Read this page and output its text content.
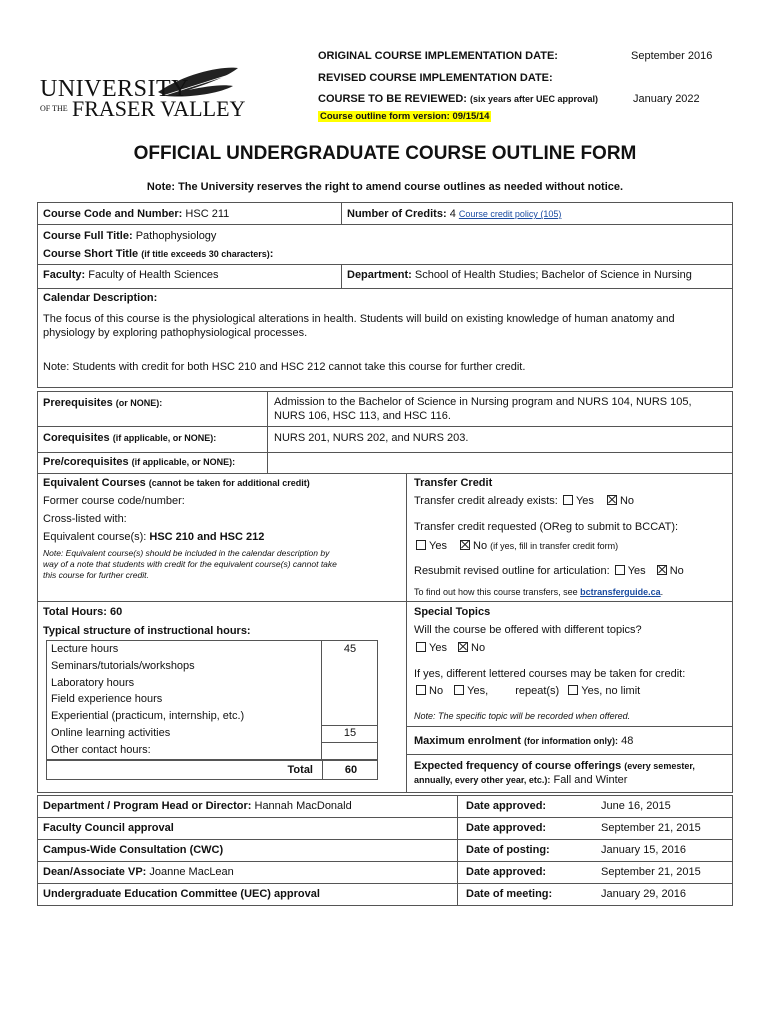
UNIVERSITY
OF THE FRASER VALLEY
ORIGINAL COURSE IMPLEMENTATION DATE:	September 2016
REVISED COURSE IMPLEMENTATION DATE:
COURSE TO BE REVIEWED: (six years after UEC approval)	January 2022
Course outline form version: 09/15/14
OFFICIAL UNDERGRADUATE COURSE OUTLINE FORM
Note: The University reserves the right to amend course outlines as needed without notice.
Course Code and Number: HSC 211	Number of Credits: 4 Course credit policy (105)
Course Full Title: Pathophysiology
Course Short Title (if title exceeds 30 characters):
Faculty: Faculty of Health Sciences	Department: School of Health Studies; Bachelor of Science in Nursing
Calendar Description:
The focus of this course is the physiological alterations in health. Students will build on existing knowledge of human anatomy and
physiology by exploring pathophysiological processes.
Note: Students with credit for both HSC 210 and HSC 212 cannot take this course for further credit.
Prerequisites (or NONE):	Admission to the Bachelor of Science in Nursing program and NURS 104, NURS 105,
NURS 106, HSC 113, and HSC 116.
Corequisites (if applicable, or NONE):	NURS 201, NURS 202, and NURS 203.
Pre/corequisites (if applicable, or NONE):
Equivalent Courses (cannot be taken for additional credit)
Former course code/number:
Cross-listed with:
Equivalent course(s): HSC 210 and HSC 212
Note: Equivalent course(s) should be included in the calendar description by
way of a note that students with credit for the equivalent course(s) cannot take
this course for further credit.
Transfer Credit
Transfer credit already exists: Yes No
Transfer credit requested (OReg to submit to BCCAT):
Yes No (if yes, fill in transfer credit form)
Resubmit revised outline for articulation: Yes No
To find out how this course transfers, see bctransferguide.ca.
Total Hours: 60
Typical structure of instructional hours:
Lecture hours	45
Seminars/tutorials/workshops
Laboratory hours
Field experience hours
Experiential (practicum, internship, etc.)
Online learning activities	15
Other contact hours:
Total	60
Special Topics
Will the course be offered with different topics?
Yes No
If yes, different lettered courses may be taken for credit:
No Yes, repeat(s) Yes, no limit
Note: The specific topic will be recorded when offered.
Maximum enrolment (for information only): 48
Expected frequency of course offerings (every semester,
annually, every other year, etc.): Fall and Winter
Department / Program Head or Director: Hannah MacDonald	Date approved:	June 16, 2015
Faculty Council approval	Date approved:	September 21, 2015
Campus-Wide Consultation (CWC)	Date of posting:	January 15, 2016
Dean/Associate VP: Joanne MacLean	Date approved:	September 21, 2015
Undergraduate Education Committee (UEC) approval	Date of meeting:	January 29, 2016
